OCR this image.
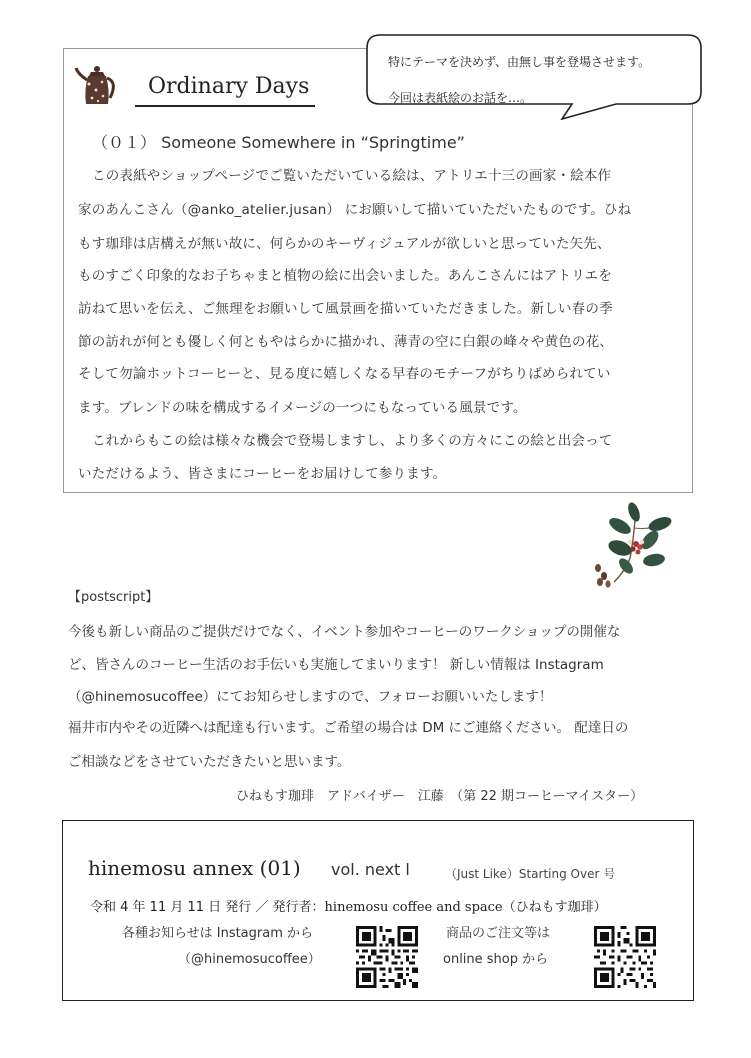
Ordinary Days
特にテーマを決めず、由無し事を登場させます。
今回は表紙絵のお話を…。
（０１） Someone Somewhere in “Springtime”
この表紙やショップページでご覧いただいている絵は、アトリエ十三の画家・絵本作
家のあんこさん（@anko_atelier.jusan） にお願いして描いていただいたものです。ひね
もす珈琲は店構えが無い故に、何らかのキーヴィジュアルが欲しいと思っていた矢先、
ものすごく印象的なお子ちゃまと植物の絵に出会いました。あんこさんにはアトリエを
訪ねて思いを伝え、ご無理をお願いして風景画を描いていただきました。新しい春の季
節の訪れが何とも優しく何ともやはらかに描かれ、薄青の空に白銀の峰々や黄色の花、
そして勿論ホットコーヒーと、見る度に嬉しくなる早春のモチーフがちりばめられてい
ます。ブレンドの味を構成するイメージの一つにもなっている風景です。
これからもこの絵は様々な機会で登場しますし、より多くの方々にこの絵と出会って
いただけるよう、皆さまにコーヒーをお届けして参ります。
【postscript】
今後も新しい商品のご提供だけでなく、イベント参加やコーヒーのワークショップの開催な
ど、皆さんのコーヒー生活のお手伝いも実施してまいります！ 新しい情報は Instagram
（@hinemosucoffee）にてお知らせしますので、フォローお願いいたします！
福井市内やその近隣へは配達も行います。ご希望の場合は DM にご連絡ください。 配達日の
ご相談などをさせていただきたいと思います。
ひねもす珈琲　アドバイザー　江藤　（第 22 期コーヒーマイスター）
hinemosu annex (01) vol. next l	（Just Like）Starting Over 号
令和 4 年 11 月 11 日 発行 ／ 発行者：hinemosu coffee and space（ひねもす珈琲）
各種お知らせは Instagram から
（@hinemosucoffee）
商品のご注文等は
online shop から
